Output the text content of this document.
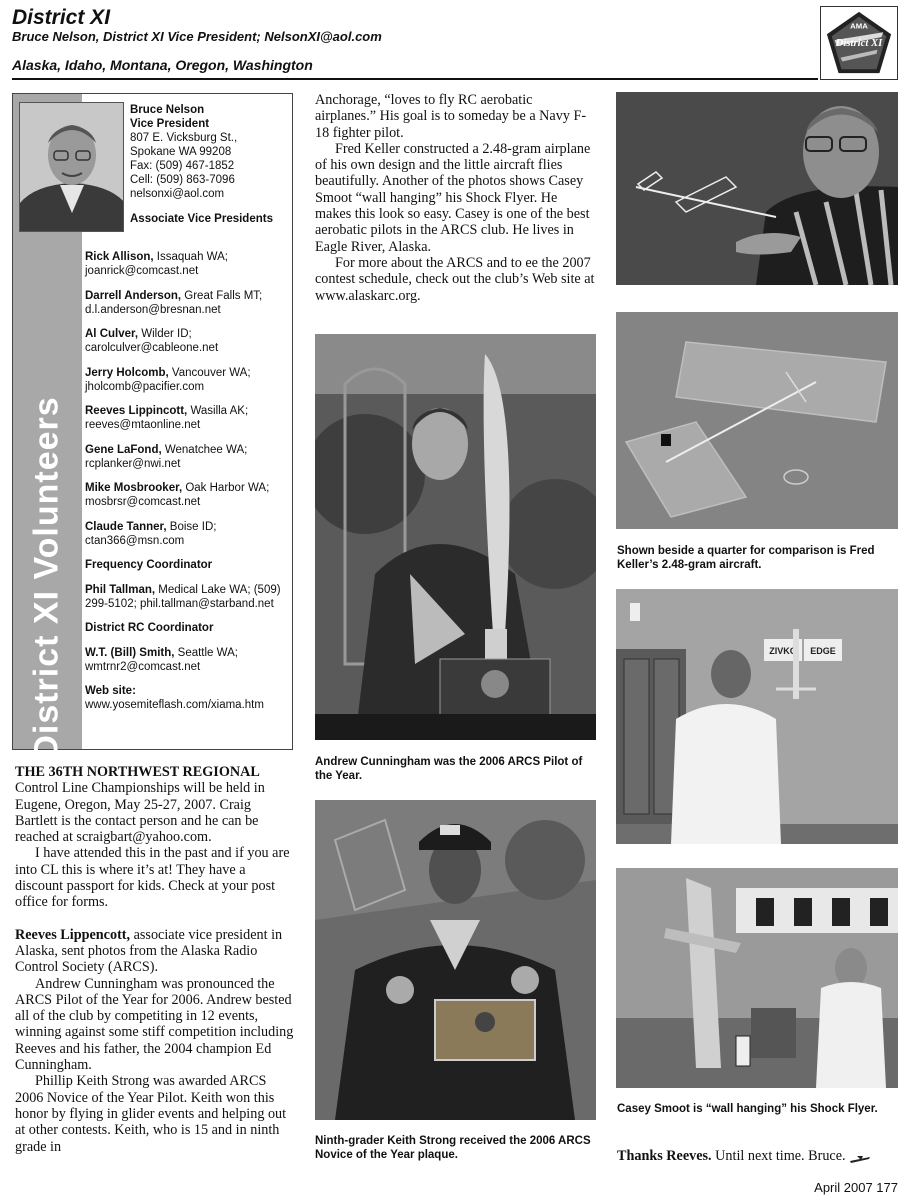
District XI
Bruce Nelson, District XI Vice President; NelsonXI@aol.com
Alaska, Idaho, Montana, Oregon, Washington
AMA
District XI
District XI Volunteers
Bruce Nelson
Vice President
807 E. Vicksburg St.,
Spokane WA 99208
Fax: (509) 467-1852
Cell: (509) 863-7096
nelsonxi@aol.com
Associate Vice Presidents
Rick Allison, Issaquah WA; joanrick@comcast.net
Darrell Anderson, Great Falls MT; d.l.anderson@bresnan.net
Al Culver, Wilder ID; carolculver@cableone.net
Jerry Holcomb, Vancouver WA; jholcomb@pacifier.com
Reeves Lippincott, Wasilla AK; reeves@mtaonline.net
Gene LaFond, Wenatchee WA; rcplanker@nwi.net
Mike Mosbrooker, Oak Harbor WA; mosbrsr@comcast.net
Claude Tanner, Boise ID; ctan366@msn.com
Frequency Coordinator
Phil Tallman, Medical Lake WA; (509) 299-5102; phil.tallman@starband.net
District RC Coordinator
W.T. (Bill) Smith, Seattle WA; wmtrnr2@comcast.net
Web site:
www.yosemiteflash.com/xiama.htm

THE 36TH NORTHWEST REGIONAL Control Line Championships will be held in Eugene, Oregon, May 25-27, 2007. Craig Bartlett is the contact person and he can be reached at scraigbart@yahoo.com.

I have attended this in the past and if you are into CL this is where it’s at! They have a discount passport for kids. Check at your post office for forms.

Reeves Lippencott, associate vice president in Alaska, sent photos from the Alaska Radio Control Society (ARCS).

Andrew Cunningham was pronounced the ARCS Pilot of the Year for 2006. Andrew bested all of the club by competiting in 12 events, winning against some stiff competition including Reeves and his father, the 2004 champion Ed Cunningham.

Phillip Keith Strong was awarded ARCS 2006 Novice of the Year Pilot. Keith won this honor by flying in glider events and helping out at other contests. Keith, who is 15 and in ninth grade in

Anchorage, “loves to fly RC aerobatic airplanes.” His goal is to someday be a Navy F-18 fighter pilot.

Fred Keller constructed a 2.48-gram airplane of his own design and the little aircraft flies beautifully. Another of the photos shows Casey Smoot “wall hanging” his Shock Flyer. He makes this look so easy. Casey is one of the best aerobatic pilots in the ARCS club. He lives in Eagle River, Alaska.

For more about the ARCS and to ee the 2007 contest schedule, check out the club’s Web site at www.alaskarc.org.

Andrew Cunningham was the 2006 ARCS Pilot of the Year.
Ninth-grader Keith Strong received the 2006 ARCS Novice of the Year plaque.
Shown beside a quarter for comparison is Fred Keller’s 2.48-gram aircraft.
ZIVKO EDGE
Casey Smoot is “wall hanging” his Shock Flyer.
Thanks Reeves. Until next time. Bruce.
April 2007 177
